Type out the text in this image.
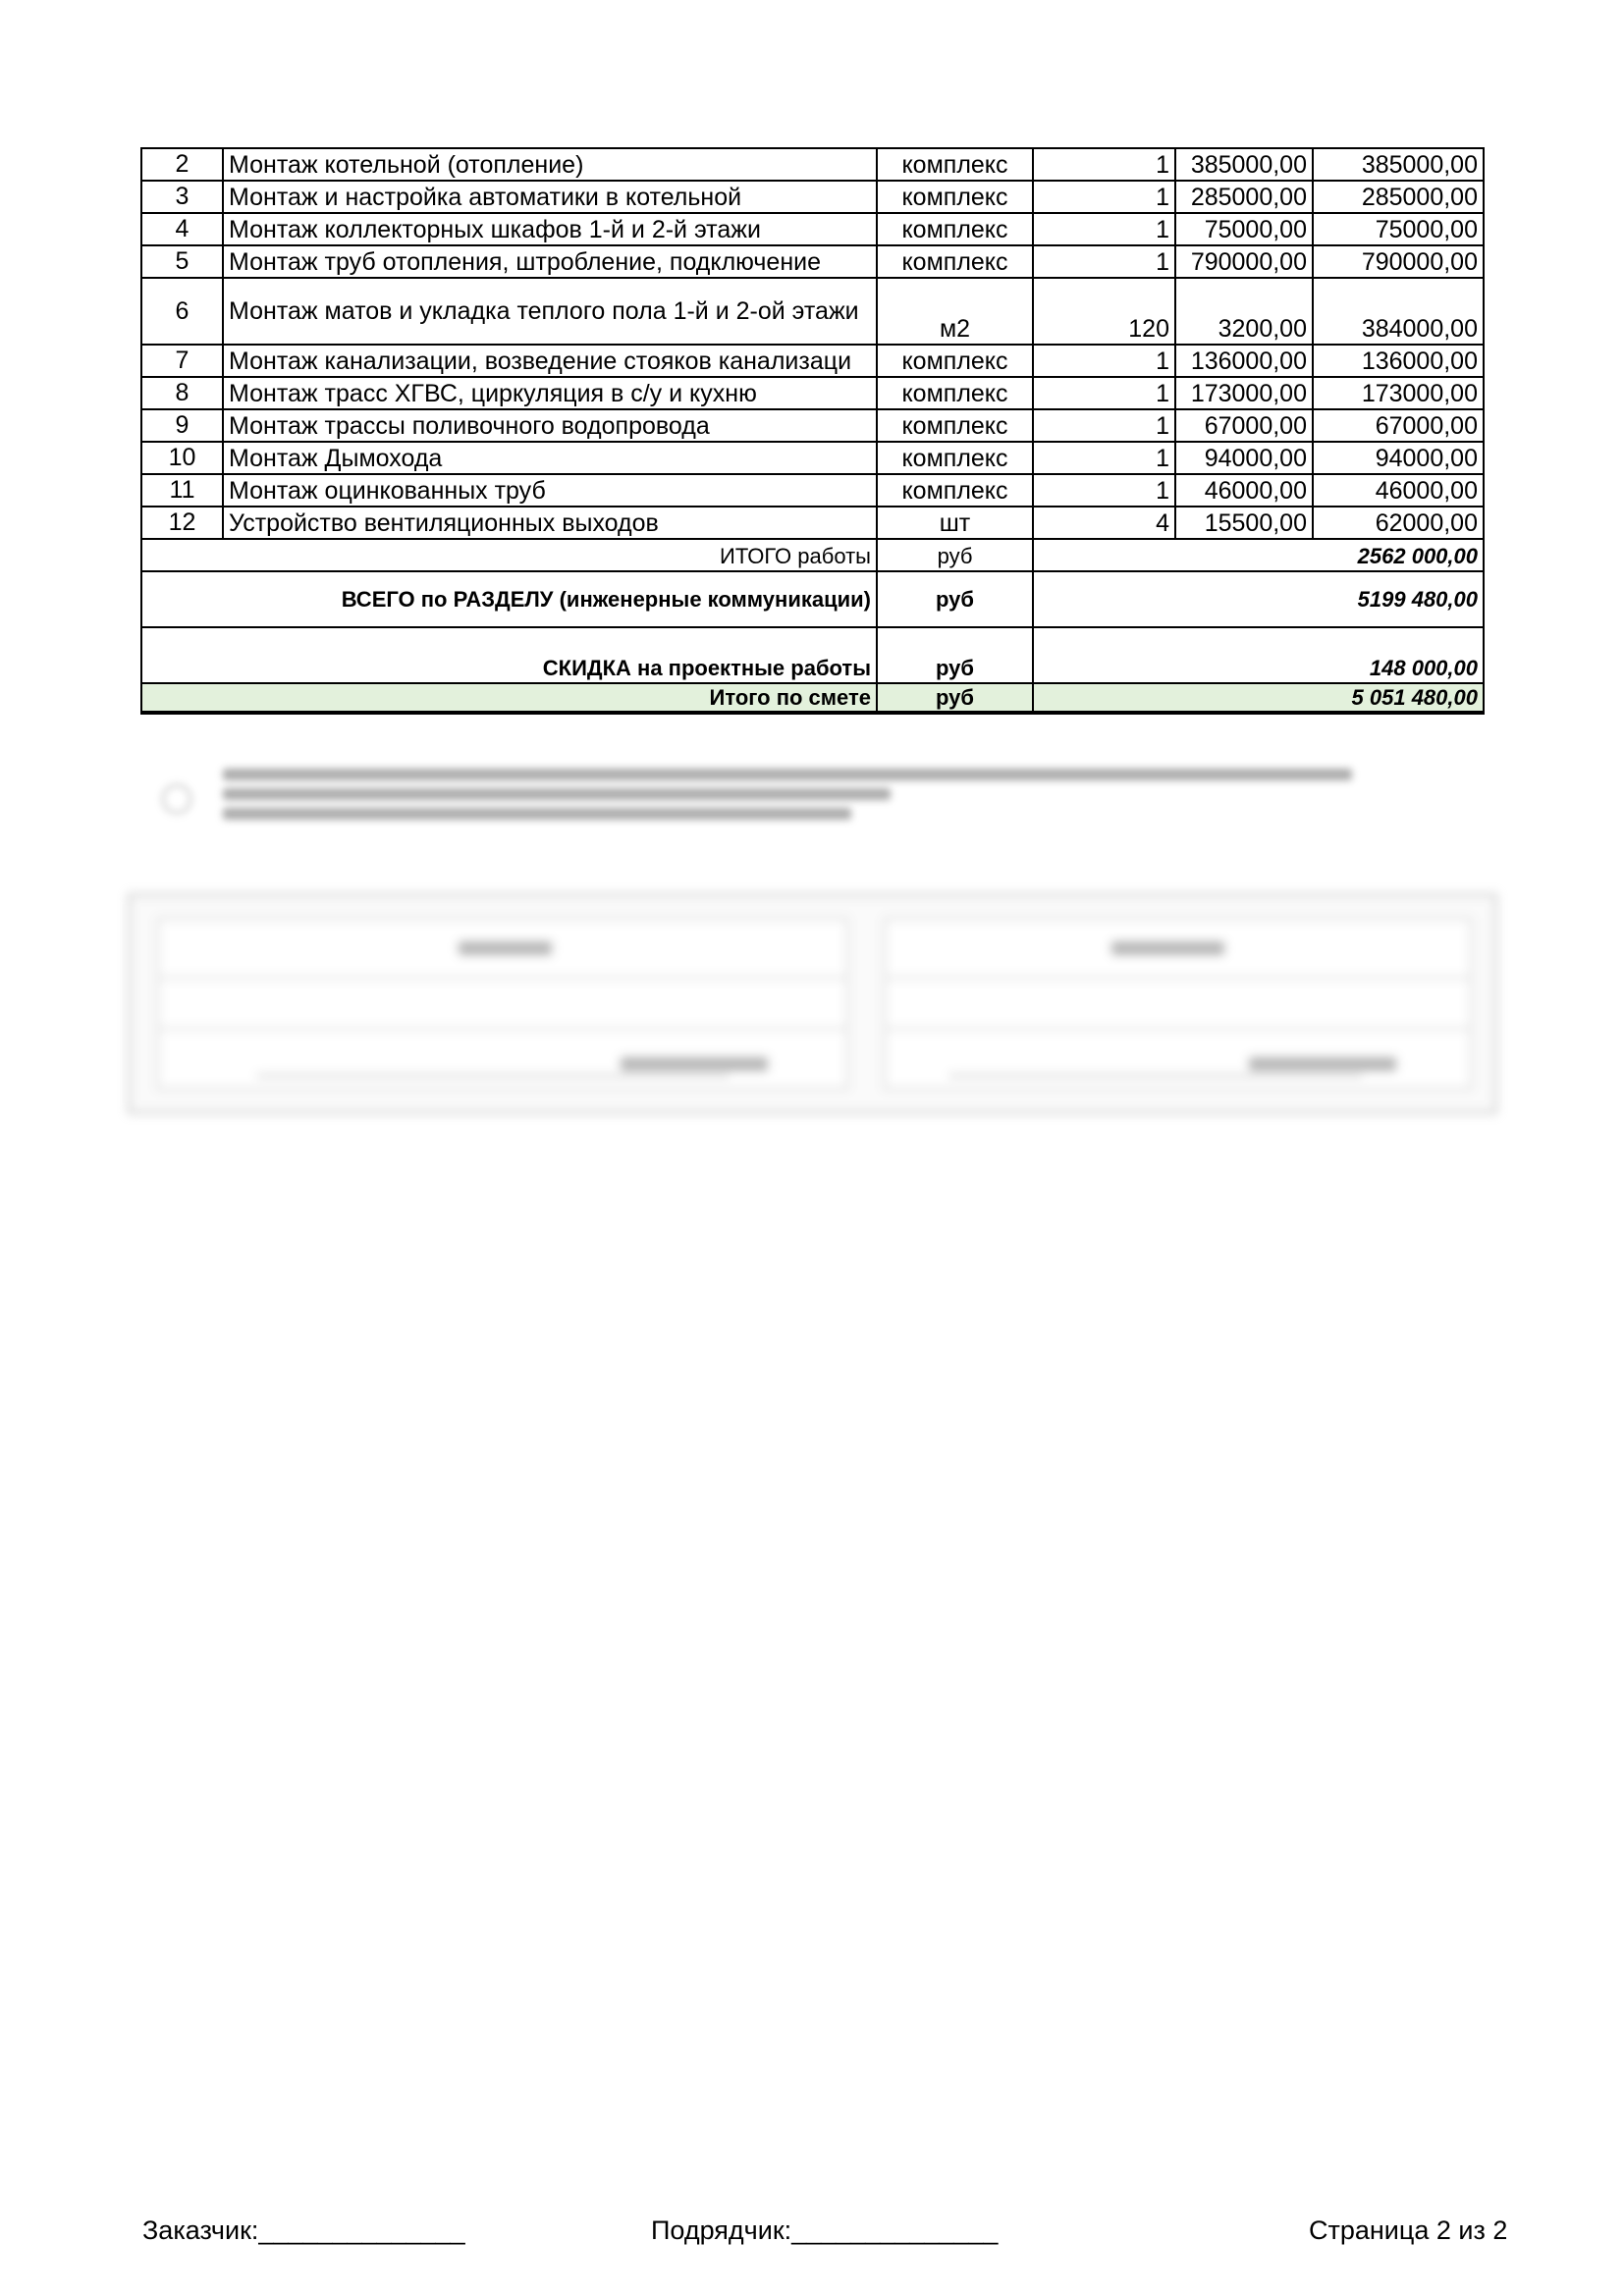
2	Монтаж котельной (отопление)	комплекс	1	385000,00	385000,00
3	Монтаж и настройка автоматики в котельной	комплекс	1	285000,00	285000,00
4	Монтаж коллекторных шкафов 1-й и 2-й этажи	комплекс	1	75000,00	75000,00
5	Монтаж труб отопления, штробление, подключение	комплекс	1	790000,00	790000,00
6	Монтаж матов и укладка теплого пола 1-й и 2-ой этажи	м2	120	3200,00	384000,00
7	Монтаж канализации, возведение стояков канализаци	комплекс	1	136000,00	136000,00
8	Монтаж трасс ХГВС, циркуляция в с/у и кухню	комплекс	1	173000,00	173000,00
9	Монтаж трассы поливочного водопровода	комплекс	1	67000,00	67000,00
10	Монтаж Дымохода	комплекс	1	94000,00	94000,00
11	Монтаж оцинкованных труб	комплекс	1	46000,00	46000,00
12	Устройство вентиляционных выходов	шт	4	15500,00	62000,00
ИТОГО работы		руб	2562 000,00		
ВСЕГО по РАЗДЕЛУ (инженерные коммуникации)		руб	5199 480,00		
СКИДКА на проектные работы		руб	148 000,00		
Итого по смете		руб	5 051 480,00		
Заказчик:______________	Подрядчик:______________	Страница 2 из 2
